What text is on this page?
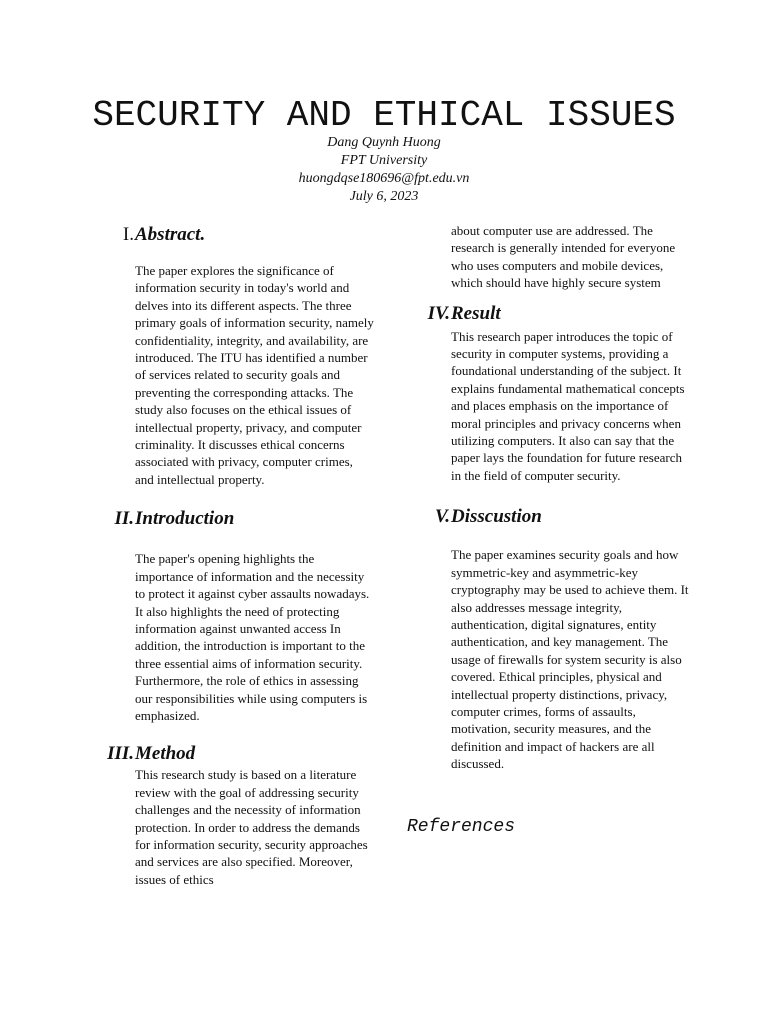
SECURITY AND ETHICAL ISSUES
Dang Quynh Huong
FPT University
huongdqse180696@fpt.edu.vn
July 6, 2023
I. Abstract.
The paper explores the significance of information security in today's world and delves into its different aspects. The three primary goals of information security, namely confidentiality, integrity, and availability, are introduced. The ITU has identified a number of services related to security goals and preventing the corresponding attacks. The study also focuses on the ethical issues of intellectual property, privacy, and computer criminality. It discusses ethical concerns associated with privacy, computer crimes, and intellectual property.
II. Introduction
The paper's opening highlights the importance of information and the necessity to protect it against cyber assaults nowadays. It also highlights the need of protecting information against unwanted access In addition, the introduction is important to the three essential aims of information security. Furthermore, the role of ethics in assessing our responsibilities while using computers is emphasized.
III. Method
This research study is based on a literature review with the goal of addressing security challenges and the necessity of information protection. In order to address the demands for information security, security approaches and services are also specified. Moreover, issues of ethics
about computer use are addressed. The research is generally intended for everyone who uses computers and mobile devices, which should have highly secure system
IV. Result
This research paper introduces the topic of security in computer systems, providing a foundational understanding of the subject. It explains fundamental mathematical concepts and places emphasis on the importance of moral principles and privacy concerns when utilizing computers. It also can say that the paper lays the foundation for future research in the field of computer security.
V. Disscustion
The paper examines security goals and how symmetric-key and asymmetric-key cryptography may be used to achieve them. It also addresses message integrity, authentication, digital signatures, entity authentication, and key management. The usage of firewalls for system security is also covered. Ethical principles, physical and intellectual property distinctions, privacy, computer crimes, forms of assaults, motivation, security measures, and the definition and impact of hackers are all discussed.
References
